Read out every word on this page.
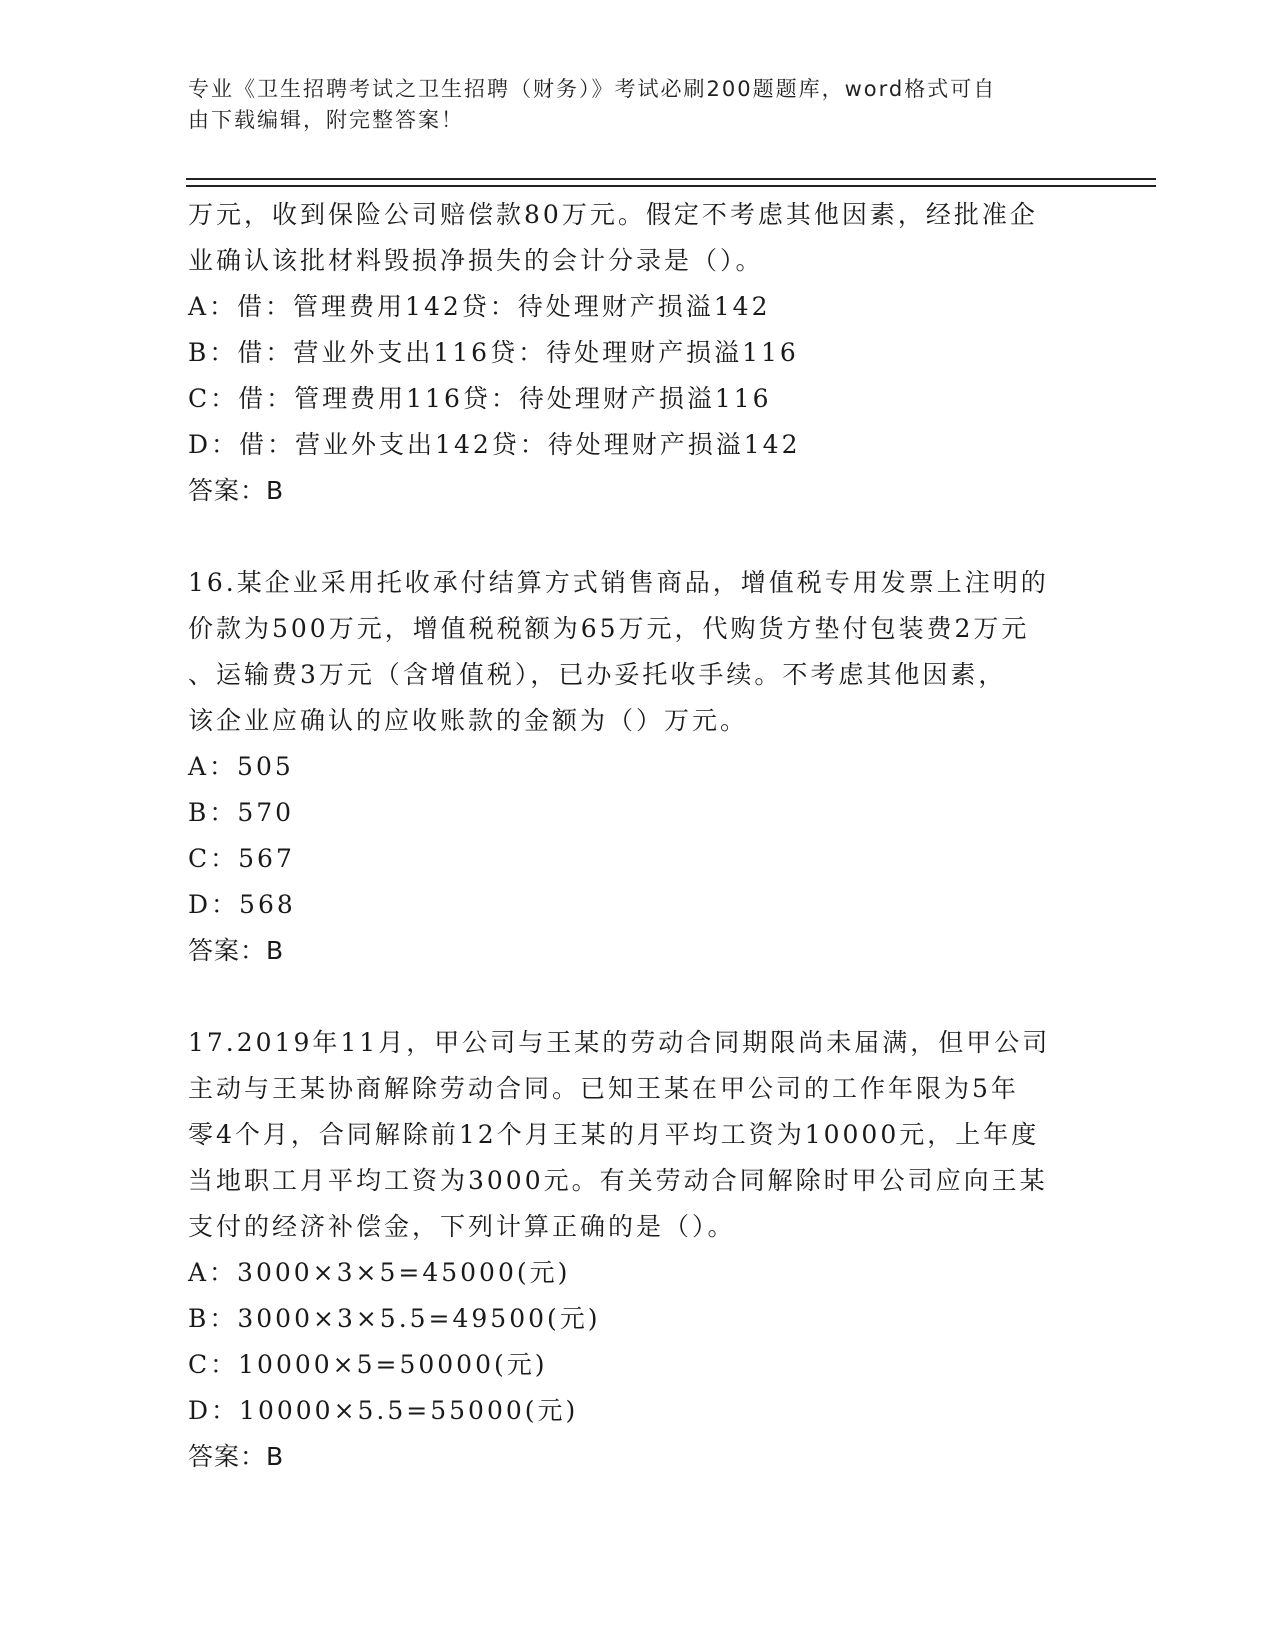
专业《卫生招聘考试之卫生招聘（财务）》考试必刷200题题库，word格式可自
由下载编辑，附完整答案！
万元，收到保险公司赔偿款80万元。假定不考虑其他因素，经批准企
业确认该批材料毁损净损失的会计分录是（）。
A：借：管理费用142贷：待处理财产损溢142
B：借：营业外支出116贷：待处理财产损溢116
C：借：管理费用116贷：待处理财产损溢116
D：借：营业外支出142贷：待处理财产损溢142
答案：B
16.某企业采用托收承付结算方式销售商品，增值税专用发票上注明的
价款为500万元，增值税税额为65万元，代购货方垫付包装费2万元
、运输费3万元（含增值税），已办妥托收手续。不考虑其他因素，
该企业应确认的应收账款的金额为（）万元。
A：505
B：570
C：567
D：568
答案：B
17.2019年11月，甲公司与王某的劳动合同期限尚未届满，但甲公司
主动与王某协商解除劳动合同。已知王某在甲公司的工作年限为5年
零4个月，合同解除前12个月王某的月平均工资为10000元，上年度
当地职工月平均工资为3000元。有关劳动合同解除时甲公司应向王某
支付的经济补偿金，下列计算正确的是（）。
A：3000×3×5=45000(元)
B：3000×3×5.5=49500(元)
C：10000×5=50000(元)
D：10000×5.5=55000(元)
答案：B
